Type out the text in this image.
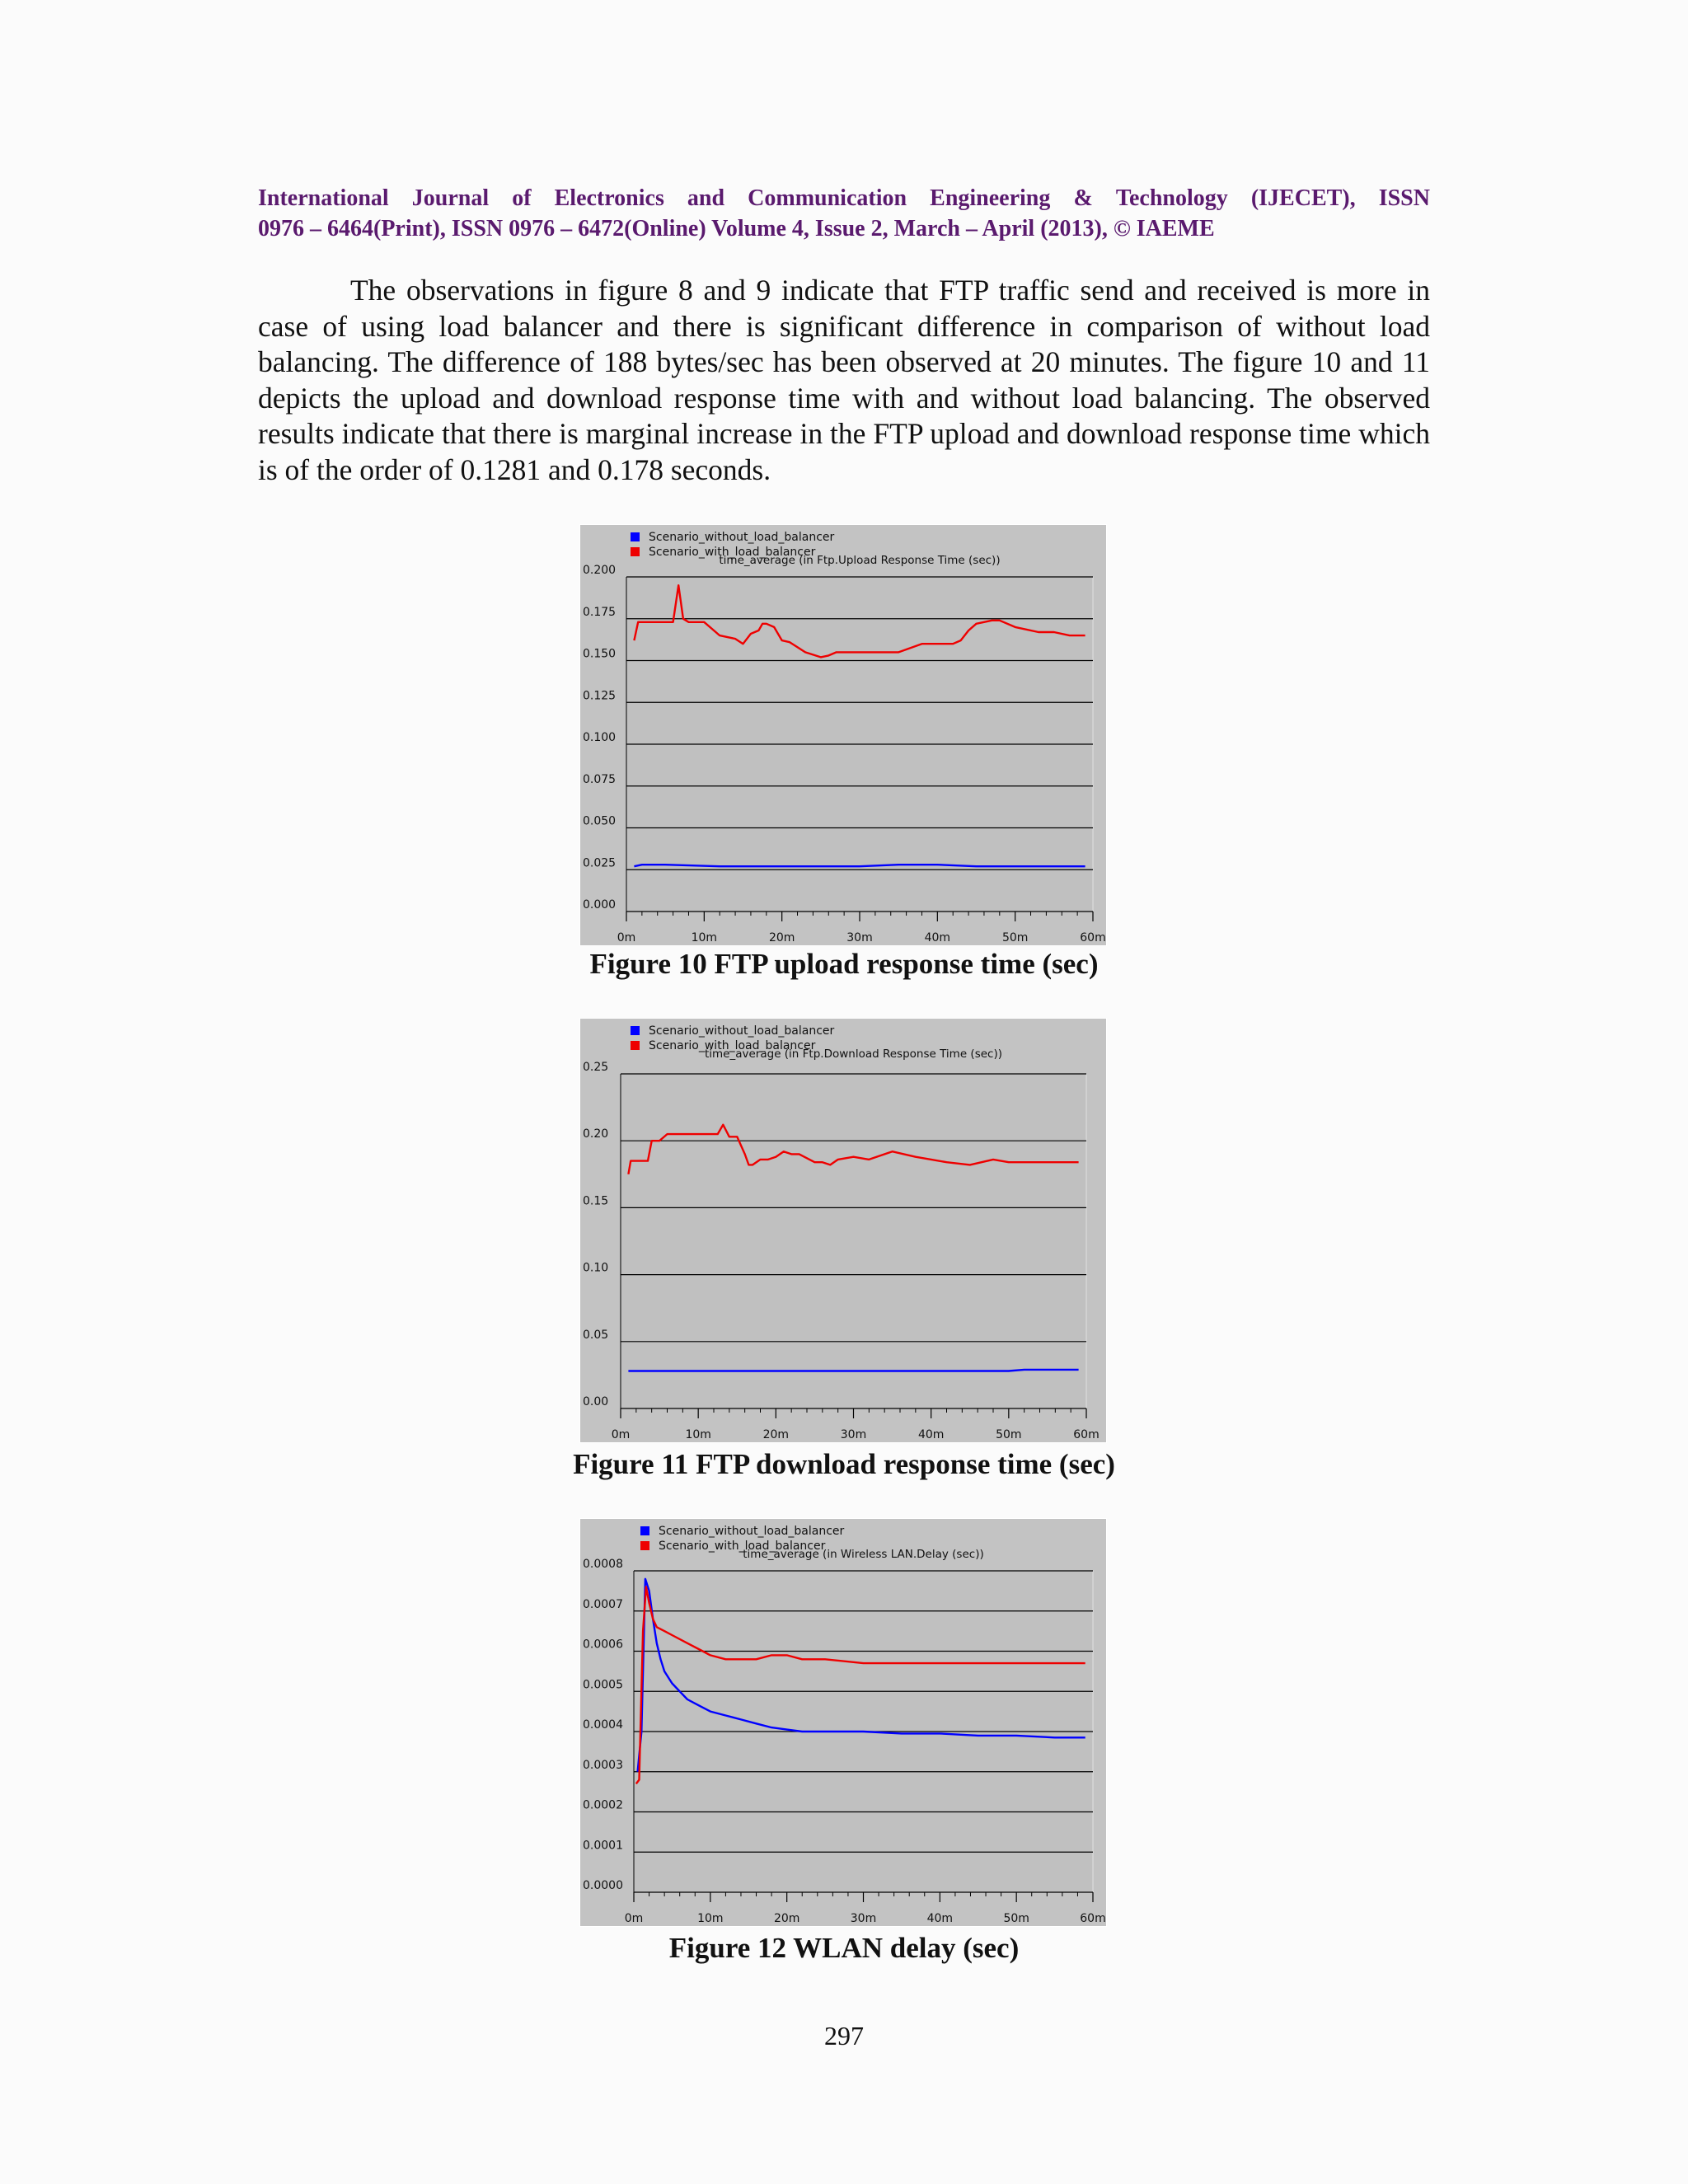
International Journal of Electronics and Communication Engineering & Technology (IJECET), ISSN
0976 – 6464(Print), ISSN 0976 – 6472(Online) Volume 4, Issue 2, March – April (2013), © IAEME
The observations in figure 8 and 9 indicate that FTP traffic send and received is more in case of using load balancer and there is significant difference in comparison of without load balancing. The difference of 188 bytes/sec has been observed at 20 minutes. The figure 10 and 11 depicts the upload and download response time with and without load balancing. The observed results indicate that there is marginal increase in the FTP upload and download response time which is of the order of 0.1281 and 0.178 seconds.
Scenario_without_load_balancer
Scenario_with_load_balancer
time_average (in Ftp.Upload Response Time (sec))
0.000
0.025
0.050
0.075
0.100
0.125
0.150
0.175
0.200
0m	10m	20m	30m	40m	50m	60m
Figure 10 FTP upload response time (sec)
Scenario_without_load_balancer
Scenario_with_load_balancer
time_average (in Ftp.Download Response Time (sec))
0.00
0.05
0.10
0.15
0.20
0.25
0m	10m	20m	30m	40m	50m	60m
Figure 11 FTP download response time (sec)
Scenario_without_load_balancer
Scenario_with_load_balancer
time_average (in Wireless LAN.Delay (sec))
0.0000
0.0001
0.0002
0.0003
0.0004
0.0005
0.0006
0.0007
0.0008
0m	10m	20m	30m	40m	50m	60m
Figure 12 WLAN delay (sec)
297
